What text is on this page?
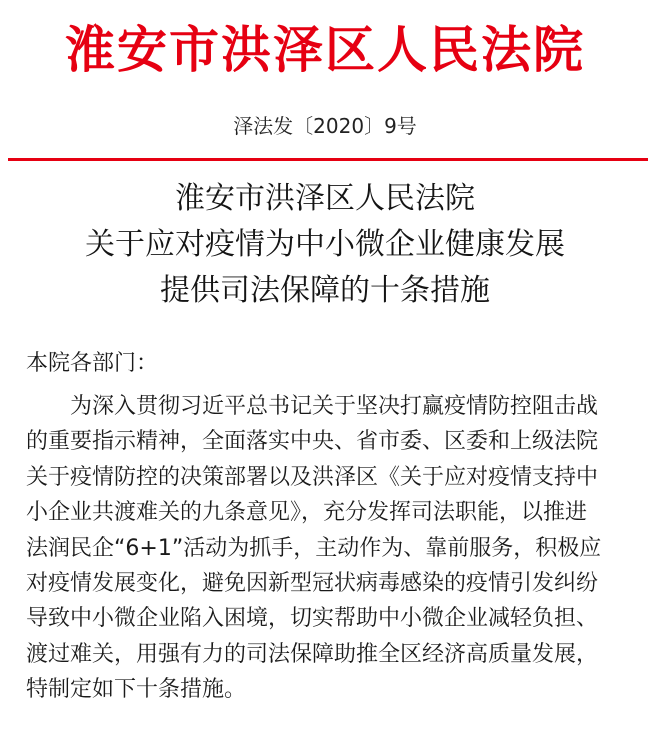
淮安市洪泽区人民法院
泽法发〔2020〕9号
淮安市洪泽区人民法院
关于应对疫情为中小微企业健康发展
提供司法保障的十条措施
本院各部门：
为深入贯彻习近平总书记关于坚决打赢疫情防控阻击战
的重要指示精神，全面落实中央、省市委、区委和上级法院
关于疫情防控的决策部署以及洪泽区《关于应对疫情支持中
小企业共渡难关的九条意见》，充分发挥司法职能，以推进
法润民企“6+1”活动为抓手，主动作为、靠前服务，积极应
对疫情发展变化，避免因新型冠状病毒感染的疫情引发纠纷
导致中小微企业陷入困境，切实帮助中小微企业减轻负担、
渡过难关，用强有力的司法保障助推全区经济高质量发展，
特制定如下十条措施。
